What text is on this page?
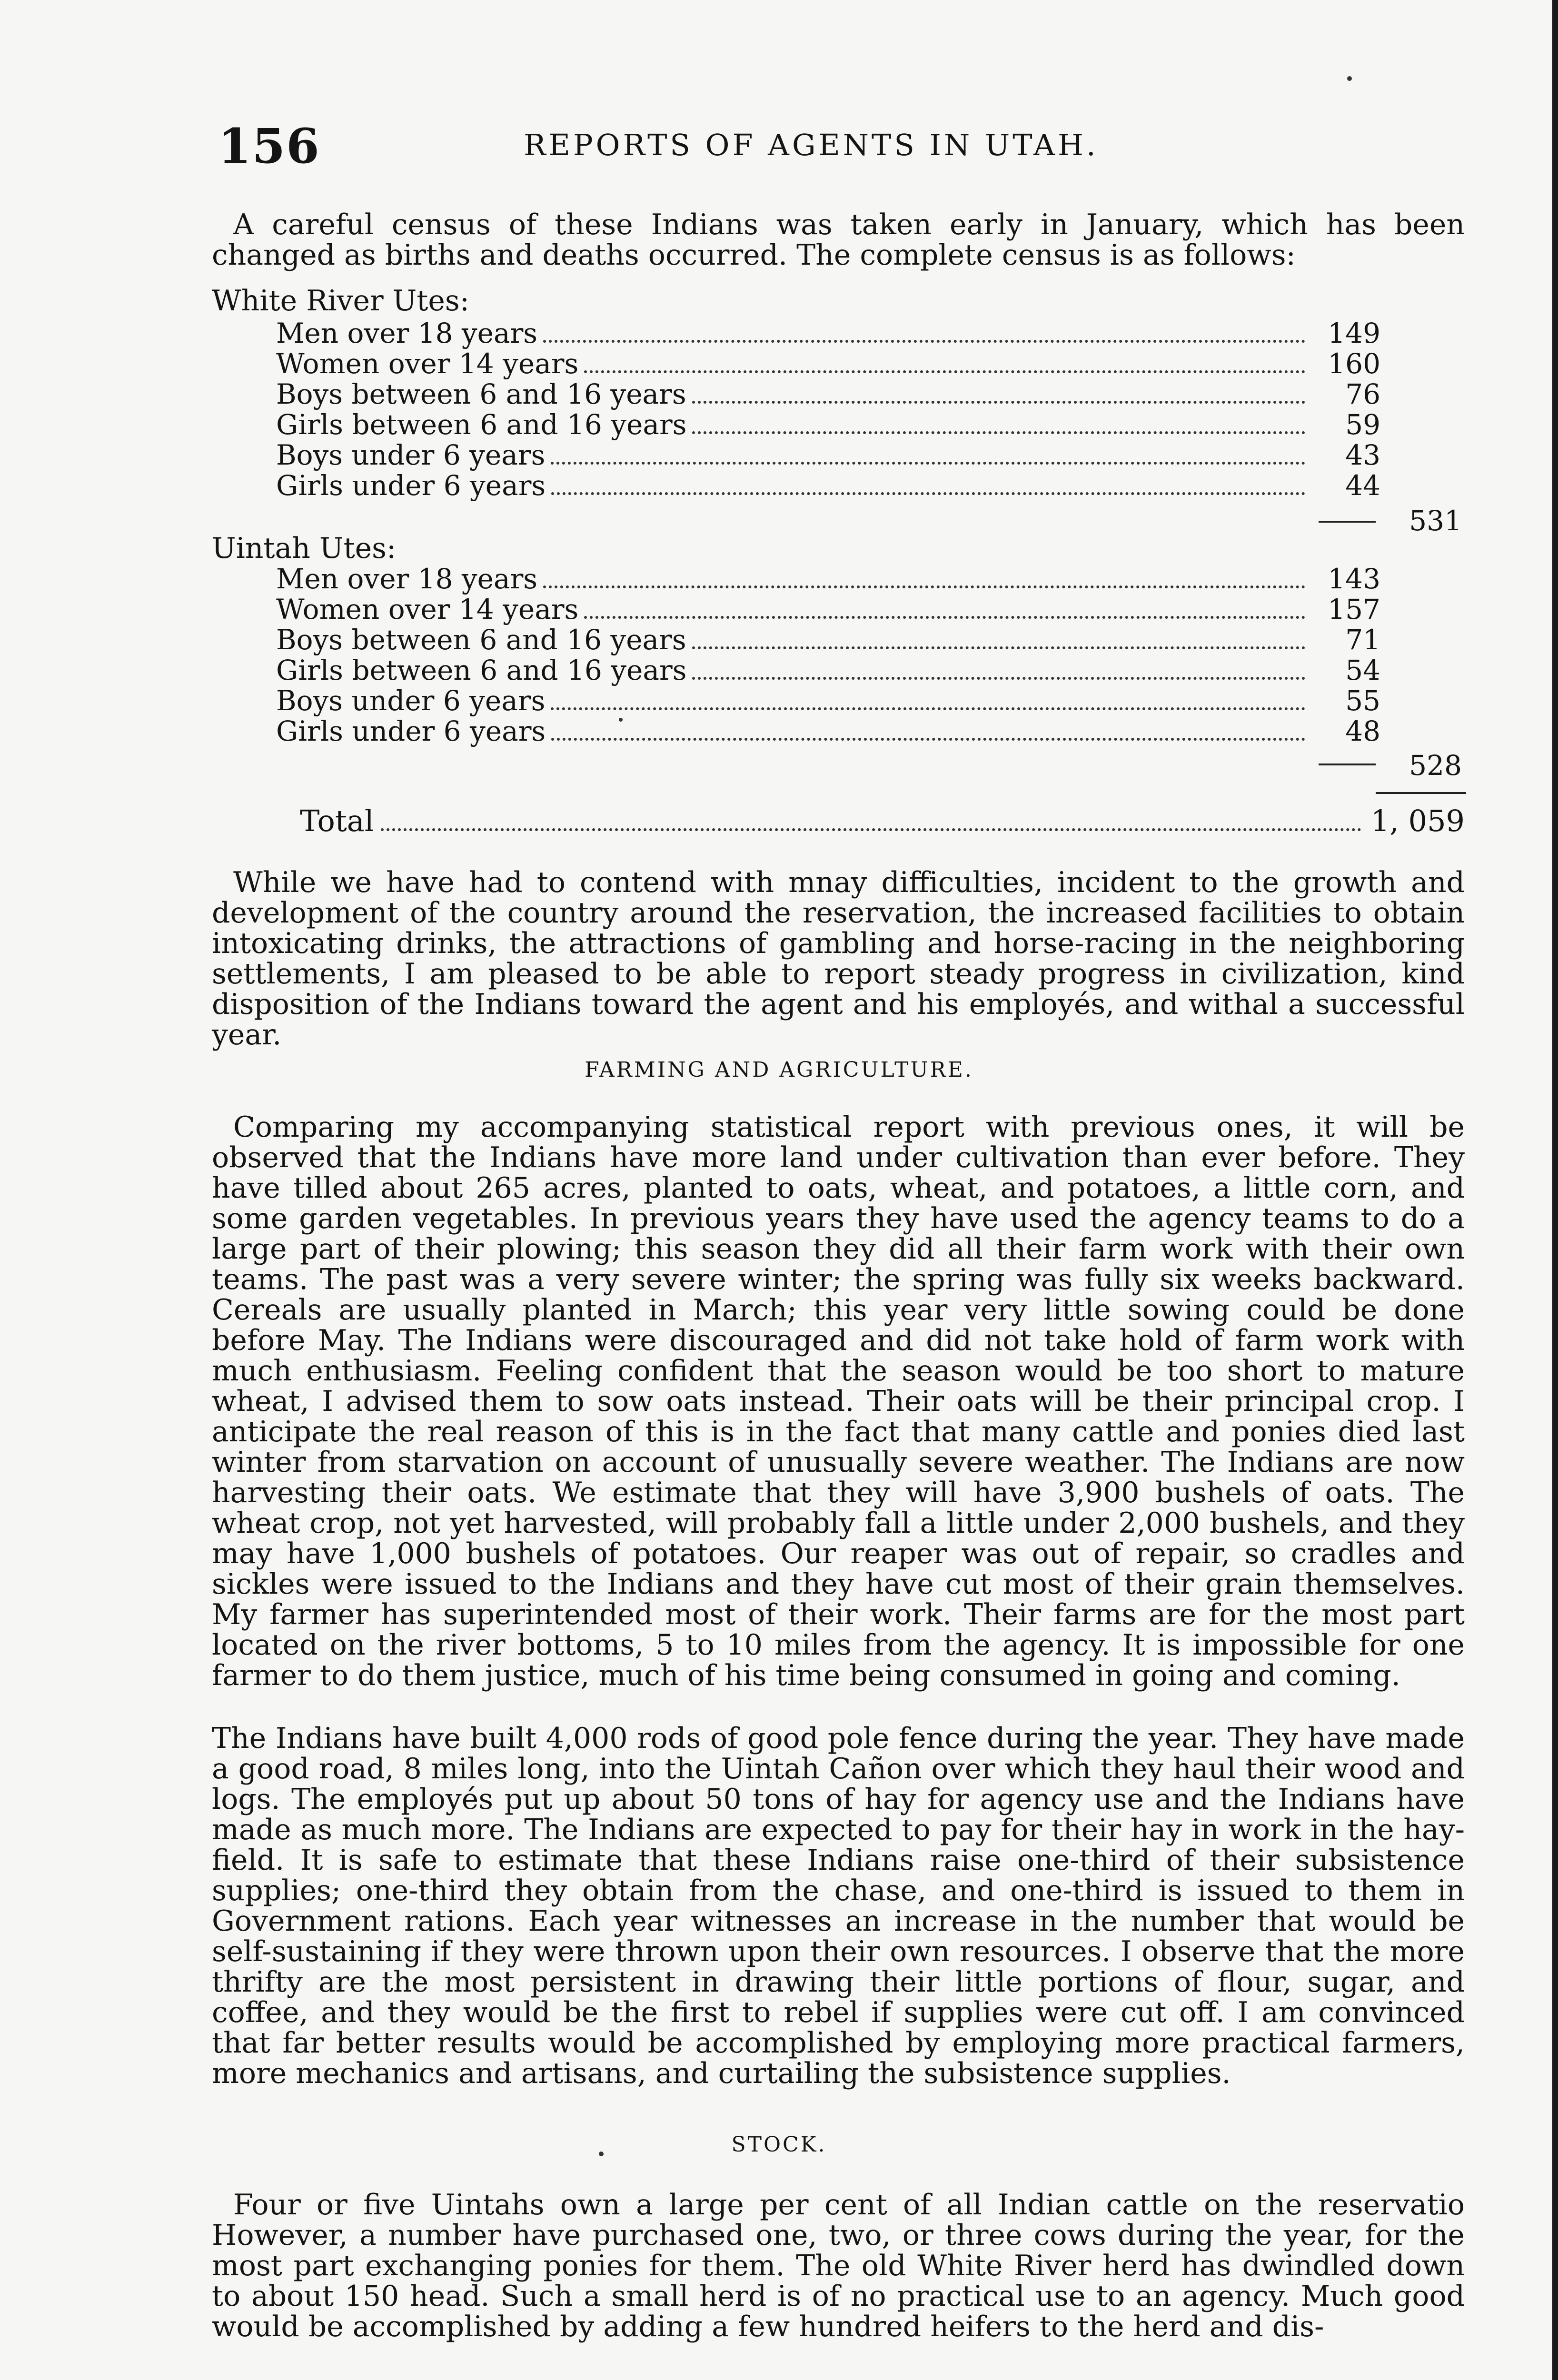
156	REPORTS OF AGENTS IN UTAH.

A careful census of these Indians was taken early in January, which has been changed as births and deaths occurred. The complete census is as follows:

White River Utes:
Men over 18 years	149
Women over 14 years	160
Boys between 6 and 16 years	76
Girls between 6 and 16 years	59
Boys under 6 years	43
Girls under 6 years	44
531
Uintah Utes:
Men over 18 years	143
Women over 14 years	157
Boys between 6 and 16 years	71
Girls between 6 and 16 years	54
Boys under 6 years	55
Girls under 6 years	48
528
Total	1, 059

While we have had to contend with mnay difficulties, incident to the growth and development of the country around the reservation, the increased facilities to obtain intoxicating drinks, the attractions of gambling and horse-racing in the neighboring settlements, I am pleased to be able to report steady progress in civilization, kind disposition of the Indians toward the agent and his employés, and withal a successful year.

FARMING AND AGRICULTURE.

Comparing my accompanying statistical report with previous ones, it will be observed that the Indians have more land under cultivation than ever before. They have tilled about 265 acres, planted to oats, wheat, and potatoes, a little corn, and some garden vegetables. In previous years they have used the agency teams to do a large part of their plowing; this season they did all their farm work with their own teams. The past was a very severe winter; the spring was fully six weeks backward. Cereals are usually planted in March; this year very little sowing could be done before May. The Indians were discouraged and did not take hold of farm work with much enthusiasm. Feeling confident that the season would be too short to mature wheat, I advised them to sow oats instead. Their oats will be their principal crop. I anticipate the real reason of this is in the fact that many cattle and ponies died last winter from starvation on account of unusually severe weather. The Indians are now harvesting their oats. We estimate that they will have 3,900 bushels of oats. The wheat crop, not yet harvested, will probably fall a little under 2,000 bushels, and they may have 1,000 bushels of potatoes. Our reaper was out of repair, so cradles and sickles were issued to the Indians and they have cut most of their grain themselves. My farmer has superintended most of their work. Their farms are for the most part located on the river bottoms, 5 to 10 miles from the agency. It is impossible for one farmer to do them justice, much of his time being consumed in going and coming.

The Indians have built 4,000 rods of good pole fence during the year. They have made a good road, 8 miles long, into the Uintah Cañon over which they haul their wood and logs. The employés put up about 50 tons of hay for agency use and the Indians have made as much more. The Indians are expected to pay for their hay in work in the hay-field. It is safe to estimate that these Indians raise one-third of their subsistence supplies; one-third they obtain from the chase, and one-third is issued to them in Government rations. Each year witnesses an increase in the number that would be self-sustaining if they were thrown upon their own resources. I observe that the more thrifty are the most persistent in drawing their little portions of flour, sugar, and coffee, and they would be the first to rebel if supplies were cut off. I am convinced that far better results would be accomplished by employing more practical farmers, more mechanics and artisans, and curtailing the subsistence supplies.

STOCK.

Four or five Uintahs own a large per cent of all Indian cattle on the reservatio However, a number have purchased one, two, or three cows during the year, for the most part exchanging ponies for them. The old White River herd has dwindled down to about 150 head. Such a small herd is of no practical use to an agency. Much good would be accomplished by adding a few hundred heifers to the herd and dis-
